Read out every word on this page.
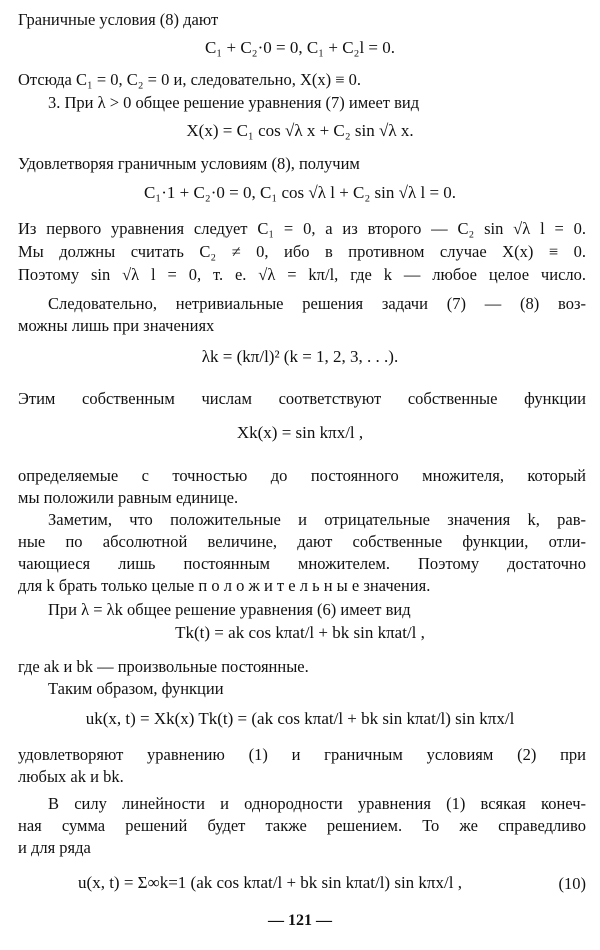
Граничные условия (8) дают
C₁ + C₂·0 = 0, C₁ + C₂l = 0.
Отсюда C₁ = 0, C₂ = 0 и, следовательно, X(x) ≡ 0.
3. При λ > 0 общее решение уравнения (7) имеет вид
X(x) = C₁ cos √λ x + C₂ sin √λ x.
Удовлетворяя граничным условиям (8), получим
C₁·1 + C₂·0 = 0, C₁ cos √λ l + C₂ sin √λ l = 0.
Из первого уравнения следует C₁ = 0, а из второго — C₂ sin √λ l = 0.
Мы должны считать C₂ ≠ 0, ибо в противном случае X(x) ≡ 0.
Поэтому sin √λ l = 0, т. е. √λ = kπ/l, где k — любое целое число.
Следовательно, нетривиальные решения задачи (7) — (8) воз-
можны лишь при значениях
λk = (kπ/l)² (k = 1, 2, 3, . . .).
Этим собственным числам соответствуют собственные функции
Xk(x) = sin kπx/l ,
определяемые с точностью до постоянного множителя, который
мы положили равным единице.
Заметим, что положительные и отрицательные значения k, рав-
ные по абсолютной величине, дают собственные функции, отли-
чающиеся лишь постоянным множителем. Поэтому достаточно
для k брать только целые п о л о ж и т е л ь н ы е значения.
При λ = λk общее решение уравнения (6) имеет вид
Tk(t) = ak cos kπat/l + bk sin kπat/l ,
где ak и bk — произвольные постоянные.
Таким образом, функции
uk(x, t) = Xk(x) Tk(t) = (ak cos kπat/l + bk sin kπat/l) sin kπx/l
удовлетворяют уравнению (1) и граничным условиям (2) при
любых ak и bk.
В силу линейности и однородности уравнения (1) всякая конеч-
ная сумма решений будет также решением. То же справедливо
и для ряда
u(x, t) = Σ∞k=1 (ak cos kπat/l + bk sin kπat/l) sin kπx/l ,	(10)
— 121 —
